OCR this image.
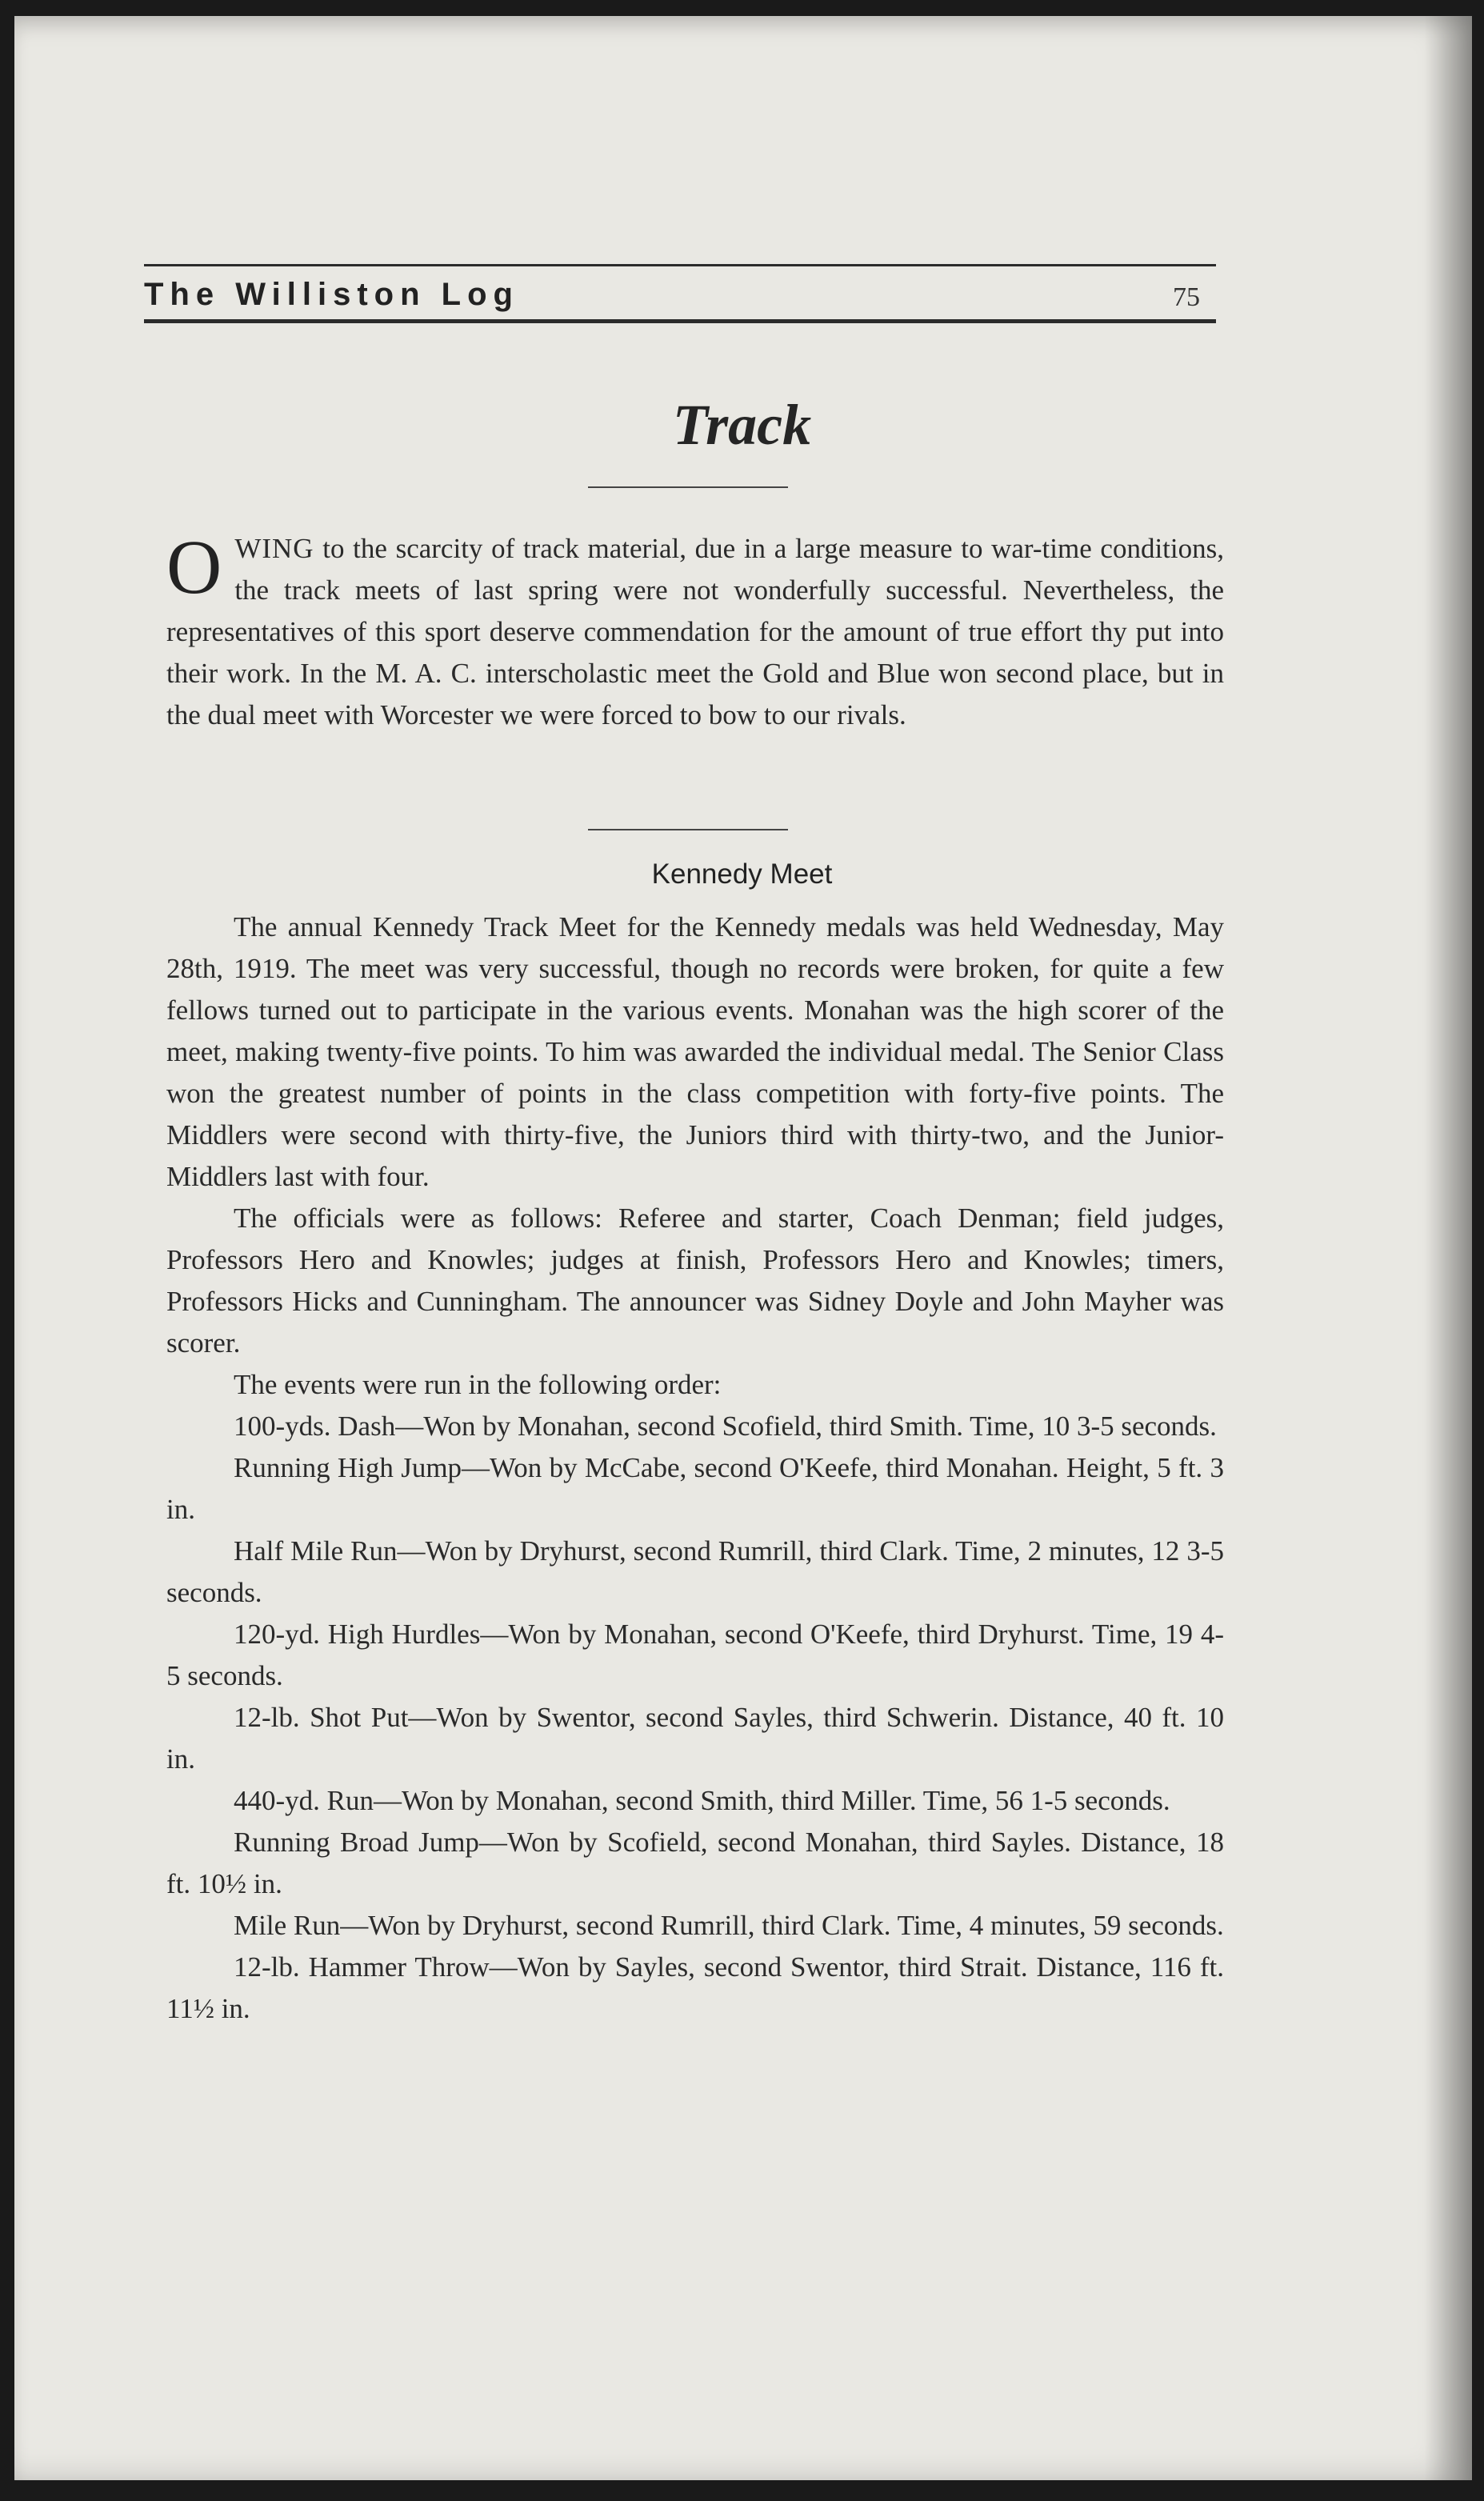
The Williston Log	75
Track
OWING to the scarcity of track material, due in a large measure to war-time conditions, the track meets of last spring were not wonderfully successful. Nevertheless, the representatives of this sport deserve commendation for the amount of true effort thy put into their work. In the M. A. C. interscholastic meet the Gold and Blue won second place, but in the dual meet with Worcester we were forced to bow to our rivals.
Kennedy Meet

The annual Kennedy Track Meet for the Kennedy medals was held Wednesday, May 28th, 1919. The meet was very successful, though no records were broken, for quite a few fellows turned out to participate in the various events. Monahan was the high scorer of the meet, making twenty-five points. To him was awarded the individual medal. The Senior Class won the greatest number of points in the class competition with forty-five points. The Middlers were second with thirty-five, the Juniors third with thirty-two, and the Junior-Middlers last with four.

The officials were as follows: Referee and starter, Coach Denman; field judges, Professors Hero and Knowles; judges at finish, Professors Hero and Knowles; timers, Professors Hicks and Cunningham. The announcer was Sidney Doyle and John Mayher was scorer.

The events were run in the following order:

100-yds. Dash—Won by Monahan, second Scofield, third Smith. Time, 10 3-5 seconds.
Running High Jump—Won by McCabe, second O'Keefe, third Monahan. Height, 5 ft. 3 in.
Half Mile Run—Won by Dryhurst, second Rumrill, third Clark. Time, 2 minutes, 12 3-5 seconds.
120-yd. High Hurdles—Won by Monahan, second O'Keefe, third Dryhurst. Time, 19 4-5 seconds.
12-lb. Shot Put—Won by Swentor, second Sayles, third Schwerin. Distance, 40 ft. 10 in.
440-yd. Run—Won by Monahan, second Smith, third Miller. Time, 56 1-5 seconds.
Running Broad Jump—Won by Scofield, second Monahan, third Sayles. Distance, 18 ft. 10½ in.
Mile Run—Won by Dryhurst, second Rumrill, third Clark. Time, 4 minutes, 59 seconds.
12-lb. Hammer Throw—Won by Sayles, second Swentor, third Strait. Distance, 116 ft. 11½ in.
